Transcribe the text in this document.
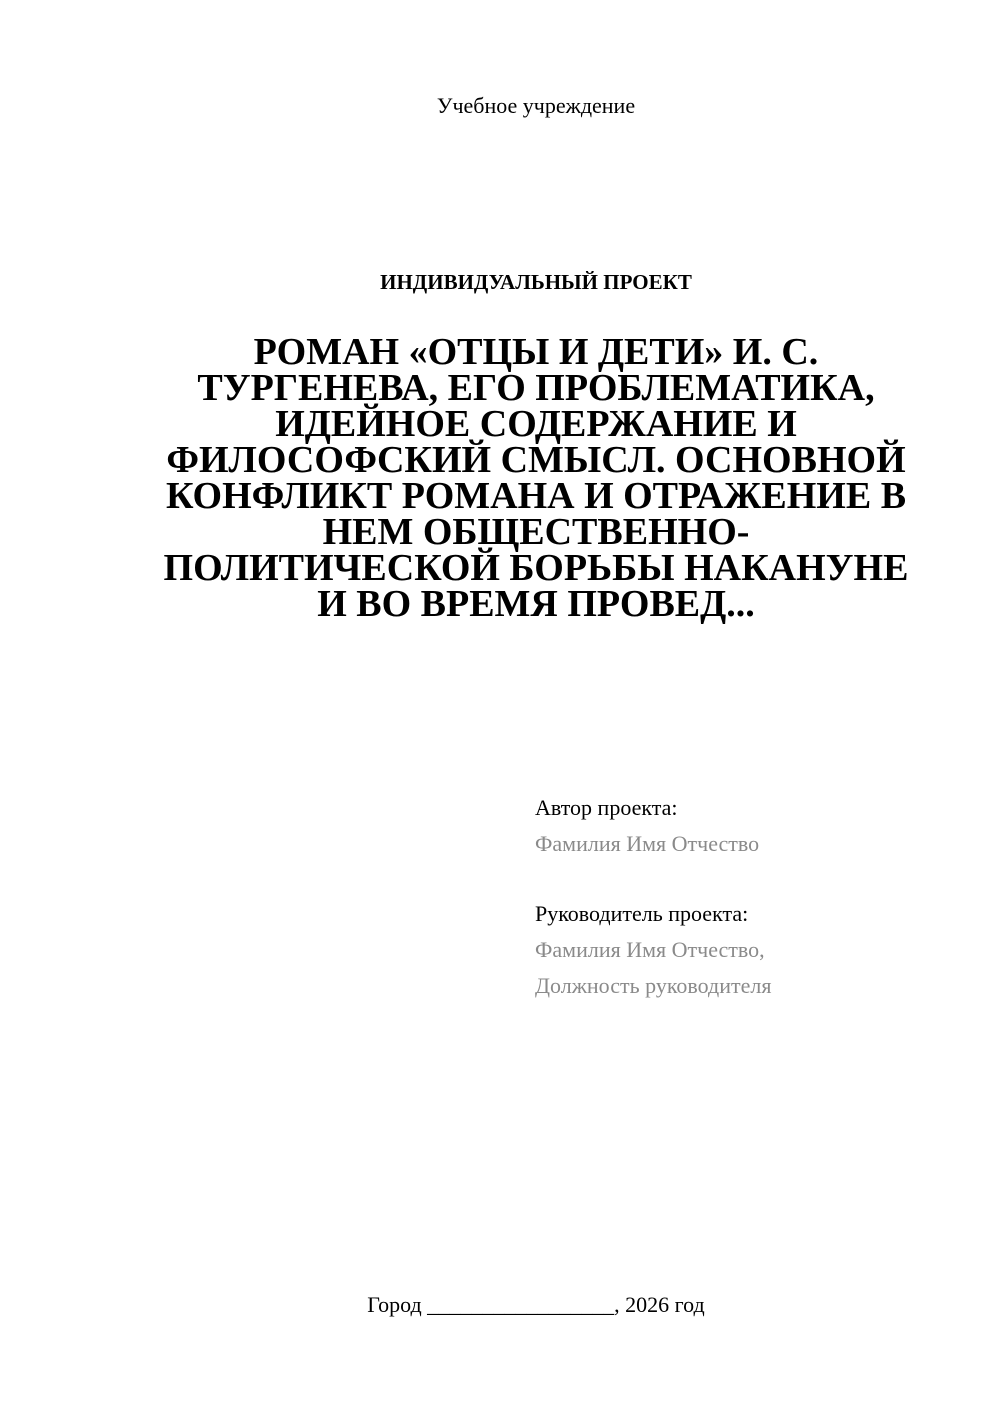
Учебное учреждение
ИНДИВИДУАЛЬНЫЙ ПРОЕКТ
РОМАН «ОТЦЫ И ДЕТИ» И. С.
ТУРГЕНЕВА, ЕГО ПРОБЛЕМАТИКА,
ИДЕЙНОЕ СОДЕРЖАНИЕ И
ФИЛОСОФСКИЙ СМЫСЛ. ОСНОВНОЙ
КОНФЛИКТ РОМАНА И ОТРАЖЕНИЕ В
НЕМ ОБЩЕСТВЕННО-
ПОЛИТИЧЕСКОЙ БОРЬБЫ НАКАНУНЕ
И ВО ВРЕМЯ ПРОВЕД...
Автор проекта:
Фамилия Имя Отчество
Руководитель проекта:
Фамилия Имя Отчество,
Должность руководителя
Город _________________, 2026 год
